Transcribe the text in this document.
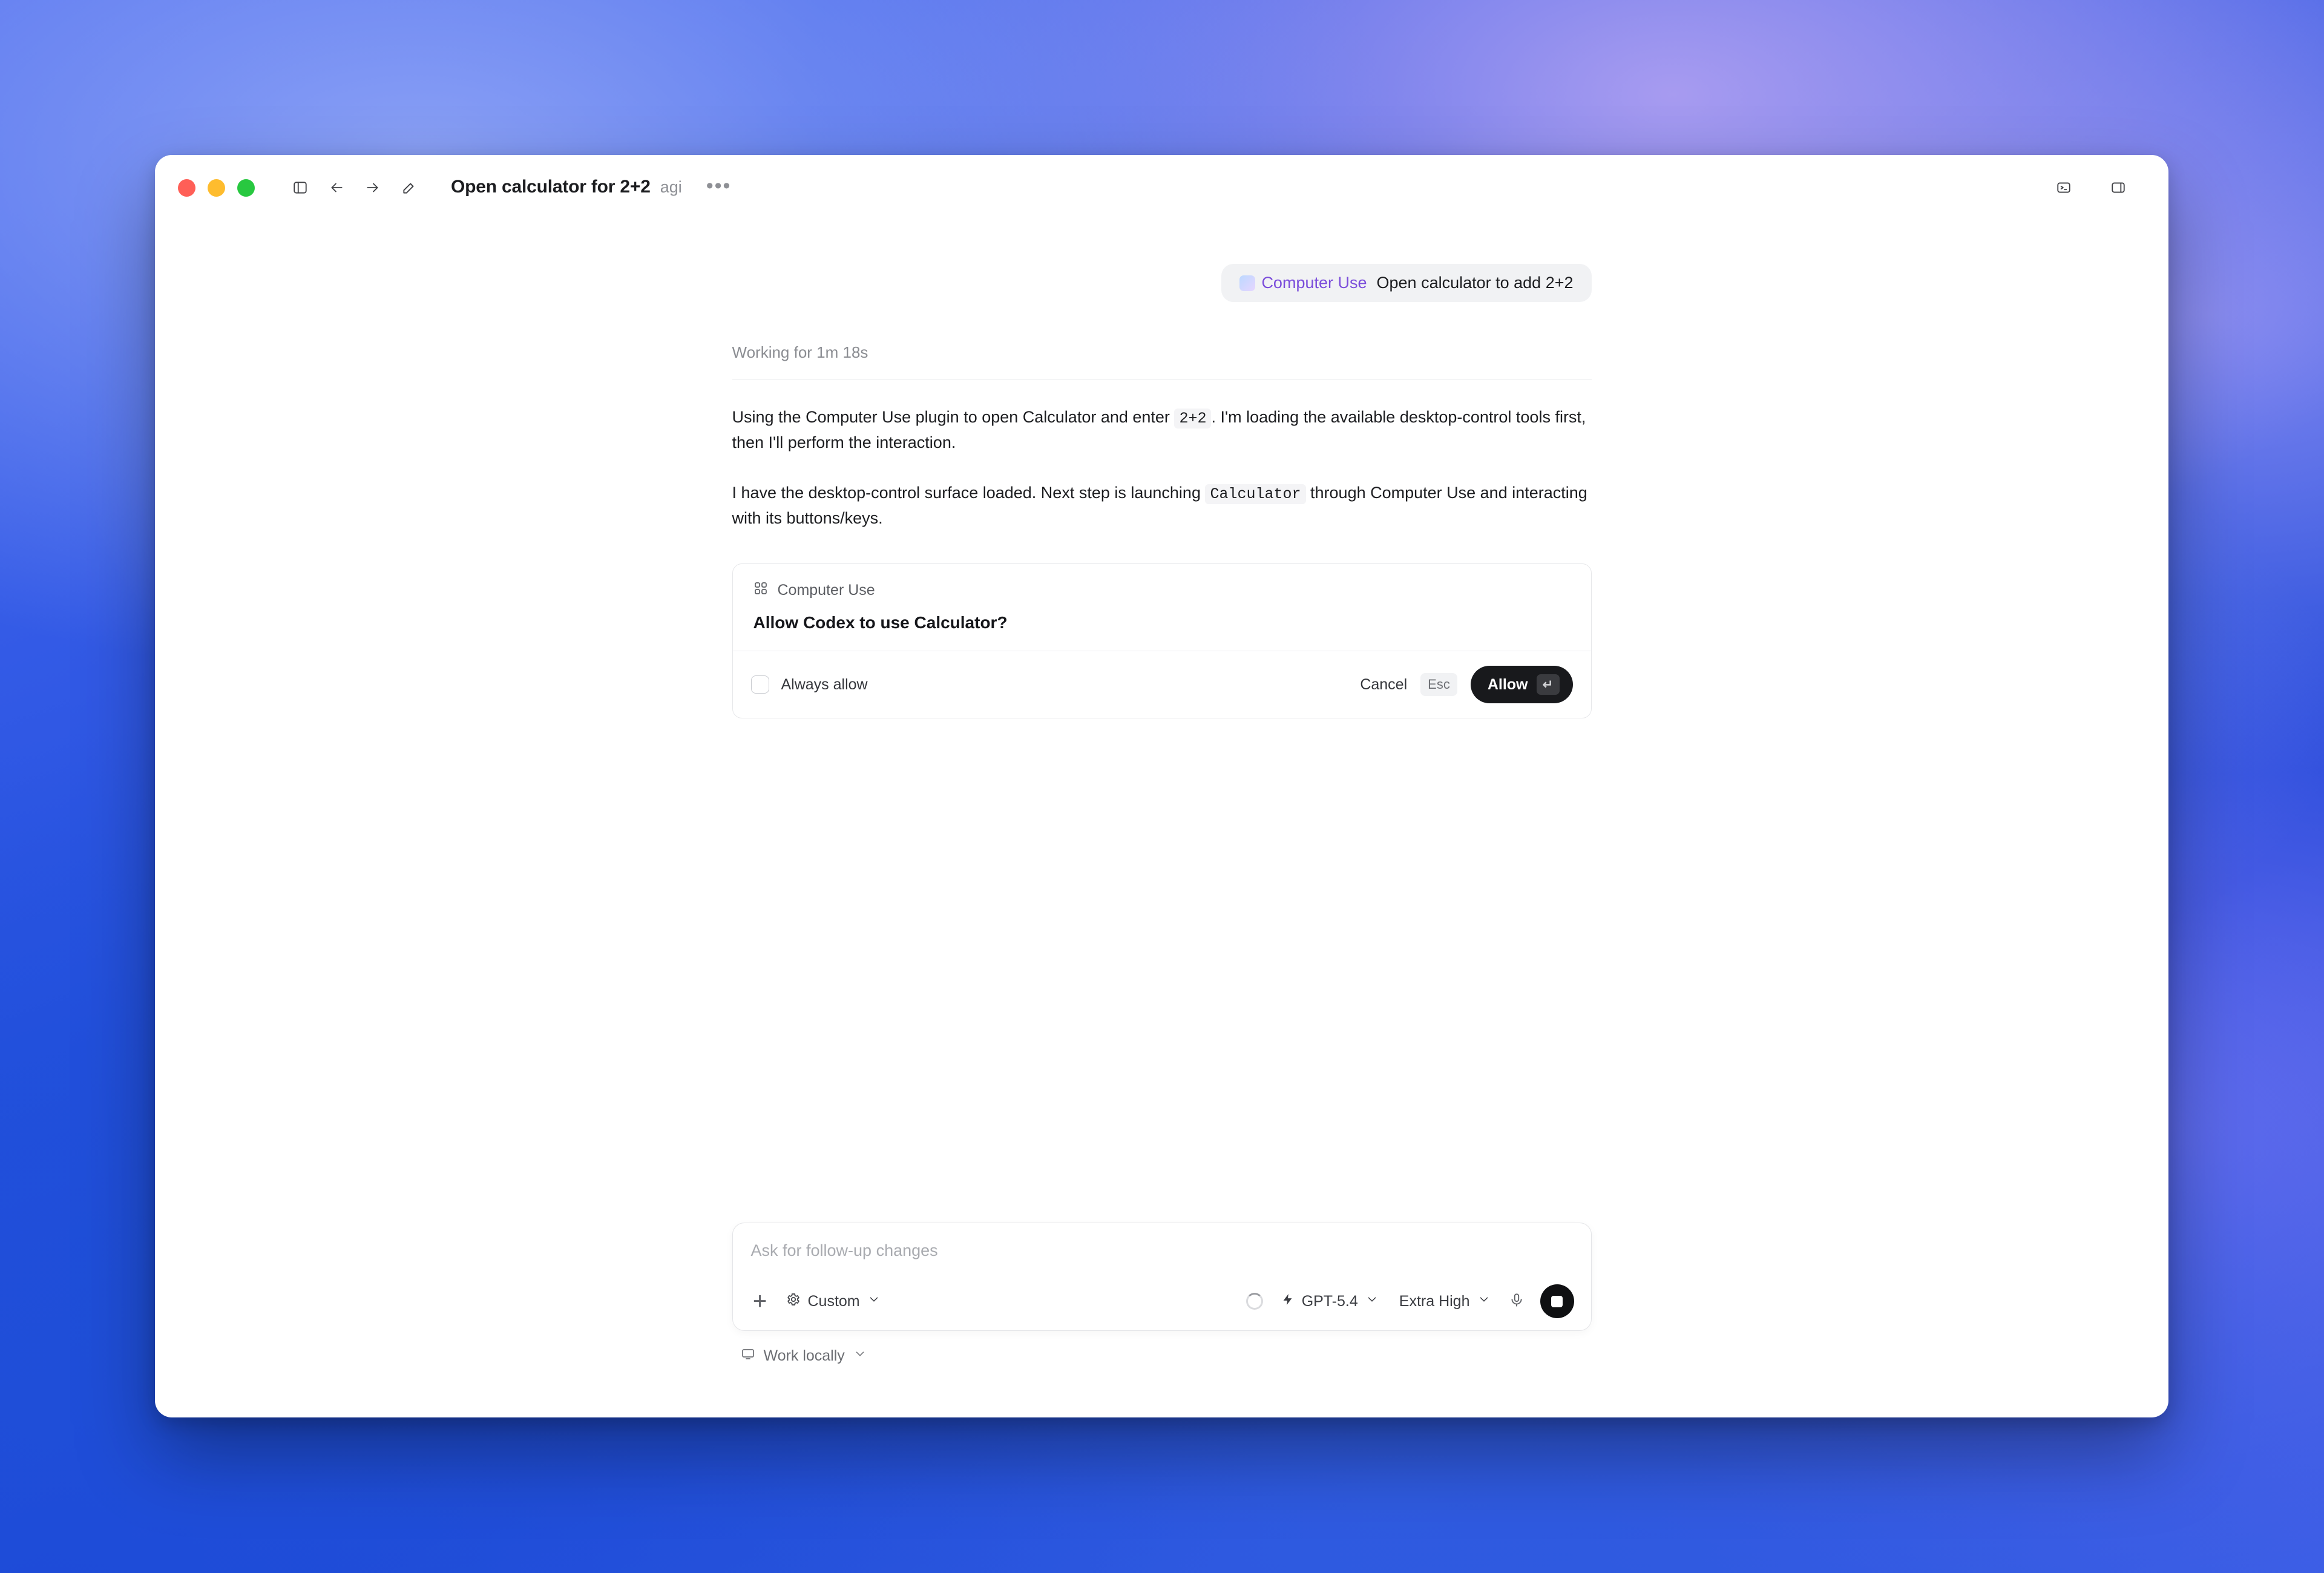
Open calculator for 2+2 agi •••
Computer Use Open calculator to add 2+2
Working for 1m 18s
Using the Computer Use plugin to open Calculator and enter 2+2 . I'm loading the available desktop-control tools first, then I'll perform the interaction.
I have the desktop-control surface loaded. Next step is launching Calculator through Computer Use and interacting with its buttons/keys.
Computer Use
Allow Codex to use Calculator?
Always allow	Cancel	Esc	Allow	↵
Ask for follow-up changes
+	Custom	GPT-5.4	Extra High
Work locally
